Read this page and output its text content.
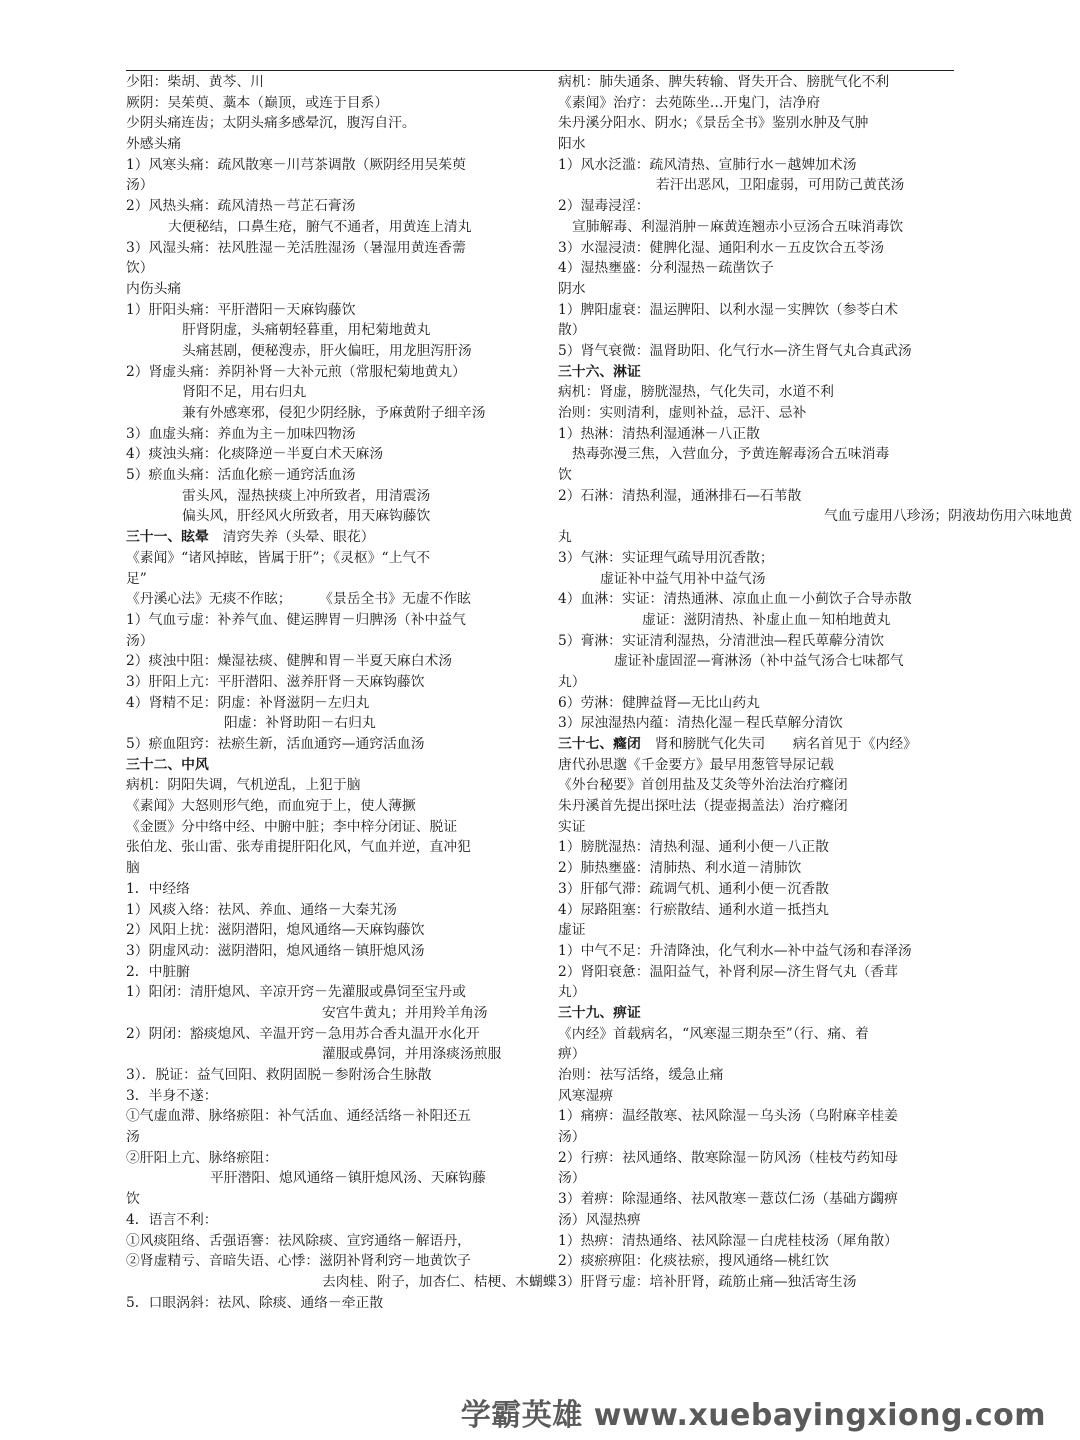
少阳：柴胡、黄芩、川
厥阴：吴茱萸、藁本（巅顶，或连于目系）
少阴头痛连齿；太阴头痛多感晕沉，腹泻自汗。
外感头痛
1）风寒头痛：疏风散寒－川芎茶调散（厥阴经用吴茱萸
汤）
2）风热头痛：疏风清热－芎芷石膏汤
大便秘结，口鼻生疮，腑气不通者，用黄连上清丸
3）风湿头痛：祛风胜湿－羌活胜湿汤（暑湿用黄连香薷
饮）
内伤头痛
1）肝阳头痛：平肝潜阳－天麻钩藤饮
肝肾阴虚，头痛朝轻暮重，用杞菊地黄丸
头痛甚剧，便秘溲赤，肝火偏旺，用龙胆泻肝汤
2）肾虚头痛：养阴补肾－大补元煎（常服杞菊地黄丸）
肾阳不足，用右归丸
兼有外感寒邪，侵犯少阴经脉，予麻黄附子细辛汤
3）血虚头痛：养血为主－加味四物汤
4）痰浊头痛：化痰降逆－半夏白术天麻汤
5）瘀血头痛：活血化瘀－通窍活血汤
雷头风，湿热挟痰上冲所致者，用清震汤
偏头风，肝经风火所致者，用天麻钩藤饮
三十一、眩晕 清窍失养（头晕、眼花）
《素闻》“诸风掉眩，皆属于肝”；《灵枢》“上气不
足”
《丹溪心法》无痰不作眩；　　　《景岳全书》无虚不作眩
1）气血亏虚：补养气血、健运脾胃－归脾汤（补中益气
汤）
2）痰浊中阻：燥湿祛痰、健脾和胃－半夏天麻白术汤
3）肝阳上亢：平肝潜阳、滋养肝肾－天麻钩藤饮
4）肾精不足：阴虚：补肾滋阴－左归丸
阳虚：补肾助阳－右归丸
5）瘀血阻窍：祛瘀生新，活血通窍—通窍活血汤
三十二、中风
病机：阴阳失调，气机逆乱，上犯于脑
《素闻》大怒则形气绝，而血宛于上，使人薄撅
《金匮》分中络中经、中腑中脏；李中梓分闭证、脱证
张伯龙、张山雷、张寿甫提肝阳化风，气血并逆，直冲犯
脑
1．中经络
1）风痰入络：祛风、养血、通络－大秦艽汤
2）风阳上扰：滋阴潜阳，熄风通络—天麻钩藤饮
3）阴虚风动：滋阴潜阳，熄风通络－镇肝熄风汤
2．中脏腑
1）阳闭：清肝熄风、辛凉开窍－先灌服或鼻饲至宝丹或
安宫牛黄丸；并用羚羊角汤
2）阴闭：豁痰熄风、辛温开窍－急用苏合香丸温开水化开
灌服或鼻饲，并用涤痰汤煎服
3）．脱证：益气回阳、救阴固脱－参附汤合生脉散
3．半身不遂：
①气虚血滞、脉络瘀阻：补气活血、通经活络－补阳还五
汤
②肝阳上亢、脉络瘀阻：
平肝潜阳、熄风通络－镇肝熄风汤、天麻钩藤
饮
4．语言不利：
①风痰阻络、舌强语謇：祛风除痰、宣窍通络－解语丹，
②肾虚精亏、音暗失语、心悸：滋阴补肾利窍－地黄饮子
去肉桂、附子，加杏仁、桔梗、木蝴蝶
5．口眼涡斜：祛风、除痰、通络－牵正散
病机：肺失通条、脾失转输、肾失开合、膀胱气化不利
《素闻》治疗：去苑陈坐…开鬼门，洁净府
朱丹溪分阳水、阴水；《景岳全书》鉴别水肿及气肿
阳水
1）风水泛滥：疏风清热、宣肺行水－越婢加术汤
若汗出恶风，卫阳虚弱，可用防己黄芪汤
2）湿毒浸淫：
宣肺解毒、利湿消肿－麻黄连翘赤小豆汤合五味消毒饮
3）水湿浸渍：健脾化湿、通阳利水－五皮饮合五苓汤
4）湿热壅盛：分利湿热－疏凿饮子
阴水
1）脾阳虚衰：温运脾阳、以利水湿－实脾饮（参苓白术
散）
5）肾气衰微：温肾助阳、化气行水—济生肾气丸合真武汤
三十六、淋证
病机：肾虚，膀胱湿热，气化失司，水道不利
治则：实则清利，虚则补益，忌汗、忌补
1）热淋：清热利湿通淋－八正散
热毒弥漫三焦，入营血分，予黄连解毒汤合五味消毒
饮
2）石淋：清热利湿，通淋排石—石苇散
气血亏虚用八珍汤；阴液劫伤用六味地黄
丸
3）气淋：实证理气疏导用沉香散；
虚证补中益气用补中益气汤
4）血淋：实证：清热通淋、凉血止血－小蓟饮子合导赤散
虚证：滋阴清热、补虚止血－知柏地黄丸
5）膏淋：实证清利湿热，分清泄浊—程氏萆薢分清饮
虚证补虚固涩—膏淋汤（补中益气汤合七味都气
丸）
6）劳淋：健脾益肾—无比山药丸
3）尿浊湿热内蕴：清热化湿－程氏草解分清饮
三十七、癃闭 肾和膀胱气化失司　　病名首见于《内经》
唐代孙思邈《千金要方》最早用葱管导尿记载
《外台秘要》首创用盐及艾灸等外治法治疗癃闭
朱丹溪首先提出探吐法（提壶揭盖法）治疗癃闭
实证
1）膀胱湿热：清热利湿、通利小便－八正散
2）肺热壅盛：清肺热、利水道－清肺饮
3）肝郁气滞：疏调气机、通利小便－沉香散
4）尿路阻塞：行瘀散结、通利水道－抵挡丸
虚证
1）中气不足：升清降浊，化气利水—补中益气汤和春泽汤
2）肾阳衰惫：温阳益气，补肾利尿—济生肾气丸（香茸
丸）
三十九、痹证
《内经》首载病名，“风寒湿三期杂至”（行、痛、着
痹）
治则：祛写活络，缓急止痛
风寒湿痹
1）痛痹：温经散寒、祛风除湿－乌头汤（乌附麻辛桂姜
汤）
2）行痹：祛风通络、散寒除湿－防风汤（桂枝芍药知母
汤）
3）着痹：除湿通络、祛风散寒－薏苡仁汤（基础方蠲痹
汤）风湿热痹
1）热痹：清热通络、祛风除湿－白虎桂枝汤（犀角散）
2）痰瘀痹阻：化痰祛瘀，搜风通络—桃红饮
3）肝肾亏虚：培补肝肾，疏筋止痛—独活寄生汤
学霸英雄 www.xuebayingxiong.com
